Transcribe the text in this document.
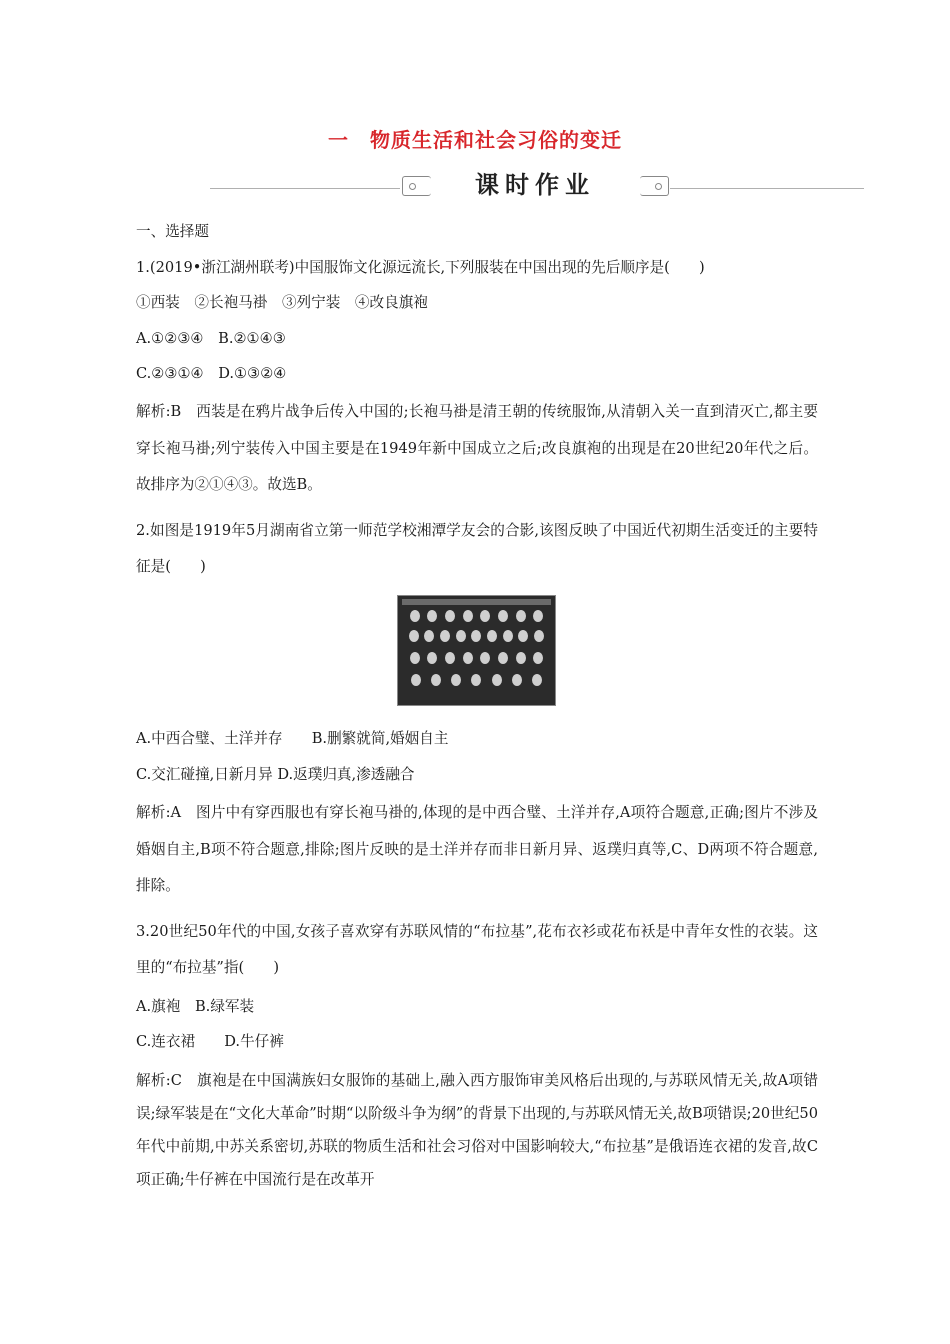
一　物质生活和社会习俗的变迁
课时作业

一、选择题

1.(2019•浙江湖州联考)中国服饰文化源远流长,下列服装在中国出现的先后顺序是(　　)

①西装　②长袍马褂　③列宁装　④改良旗袍

A.①②③④　B.②①④③

C.②③①④　D.①③②④

解析:B　西装是在鸦片战争后传入中国的;长袍马褂是清王朝的传统服饰,从清朝入关一直到清灭亡,都主要穿长袍马褂;列宁装传入中国主要是在1949年新中国成立之后;改良旗袍的出现是在20世纪20年代之后。故排序为②①④③。故选B。

2.如图是1919年5月湖南省立第一师范学校湘潭学友会的合影,该图反映了中国近代初期生活变迁的主要特征是(　　)

A.中西合璧、土洋并存　　B.删繁就简,婚姻自主

C.交汇碰撞,日新月异 D.返璞归真,渗透融合

解析:A　图片中有穿西服也有穿长袍马褂的,体现的是中西合璧、土洋并存,A项符合题意,正确;图片不涉及婚姻自主,B项不符合题意,排除;图片反映的是土洋并存而非日新月异、返璞归真等,C、D两项不符合题意,排除。

3.20世纪50年代的中国,女孩子喜欢穿有苏联风情的“布拉基”,花布衣衫或花布袄是中青年女性的衣装。这里的“布拉基”指(　　)

A.旗袍　B.绿军装

C.连衣裙　　D.牛仔裤

解析:C　旗袍是在中国满族妇女服饰的基础上,融入西方服饰审美风格后出现的,与苏联风情无关,故A项错误;绿军装是在“文化大革命”时期“以阶级斗争为纲”的背景下出现的,与苏联风情无关,故B项错误;20世纪50年代中前期,中苏关系密切,苏联的物质生活和社会习俗对中国影响较大,“布拉基”是俄语连衣裙的发音,故C项正确;牛仔裤在中国流行是在改革开
